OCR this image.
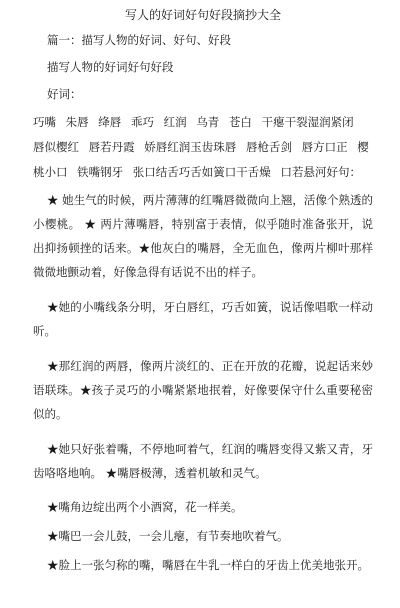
写人的好词好句好段摘抄大全

篇一：描写人物的好词、好句、好段

描写人物的好词好句好段

好词：

巧嘴 朱唇 绛唇 乖巧 红润 乌青 苍白 干瘪干裂湿润紧闭 唇似樱红 唇若丹霞 娇唇红润玉齿珠唇 唇枪舌剑 唇方口正 樱桃小口 铁嘴钢牙 张口结舌巧舌如簧口干舌燥 口若悬河好句：

★ 她生气的时候，两片薄薄的红嘴唇微微向上翘，活像个熟透的小樱桃。 ★ 两片薄嘴唇，特别富于表情，似乎随时准备张开，说出抑扬顿挫的话来。★他灰白的嘴唇，全无血色，像两片柳叶那样微微地颤动着，好像急得有话说不出的样子。

★她的小嘴线条分明，牙白唇红，巧舌如簧，说话像唱歌一样动听。

★那红润的两唇，像两片淡红的、正在开放的花瓣，说起话来妙语联珠。★孩子灵巧的小嘴紧紧地抿着，好像要保守什么重要秘密似的。

★她只好张着嘴，不停地呵着气，红润的嘴唇变得又紫又青，牙齿咯咯地响。 ★嘴唇极薄，透着机敏和灵气。

★嘴角边绽出两个小酒窝，花一样美。

★嘴巴一会儿鼓，一会儿瘪，有节奏地吹着气。

★脸上一张匀称的嘴，嘴唇在牛乳一样白的牙齿上优美地张开。
